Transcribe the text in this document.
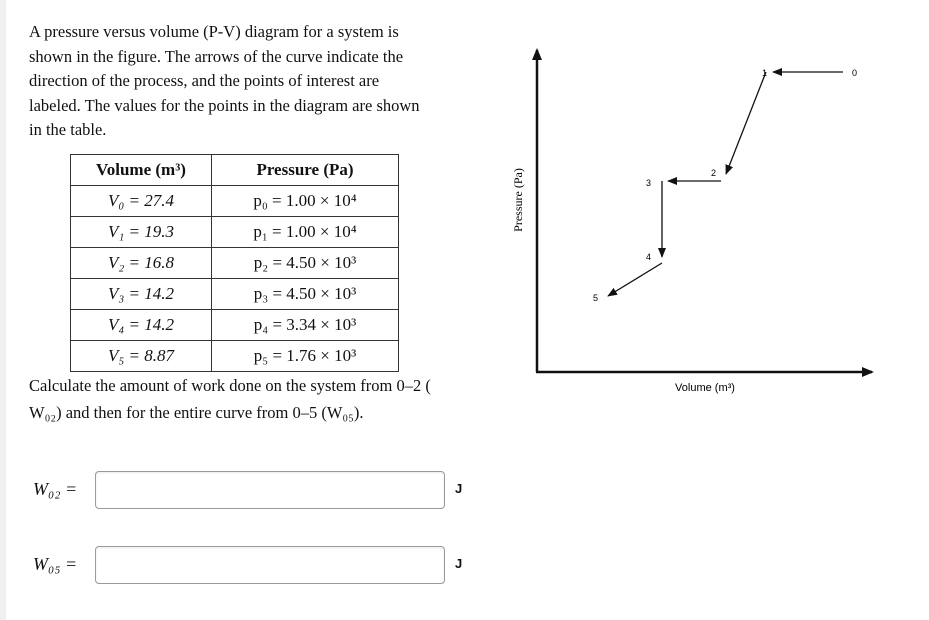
A pressure versus volume (P-V) diagram for a system is
shown in the figure. The arrows of the curve indicate the
direction of the process, and the points of interest are
labeled. The values for the points in the diagram are shown
in the table.
Volume (m³)	Pressure (Pa)
V₀ = 27.4	p₀ = 1.00 × 10⁴
V₁ = 19.3	p₁ = 1.00 × 10⁴
V₂ = 16.8	p₂ = 4.50 × 10³
V₃ = 14.2	p₃ = 4.50 × 10³
V₄ = 14.2	p₄ = 3.34 × 10³
V₅ = 8.87	p₅ = 1.76 × 10³
Calculate the amount of work done on the system from 0–2 (
W₀₂) and then for the entire curve from 0–5 (W₀₅).
W₀₂ =	J
W₀₅ =	J
Pressure (Pa)
Volume (m³)
0
1
2
3
4
5
